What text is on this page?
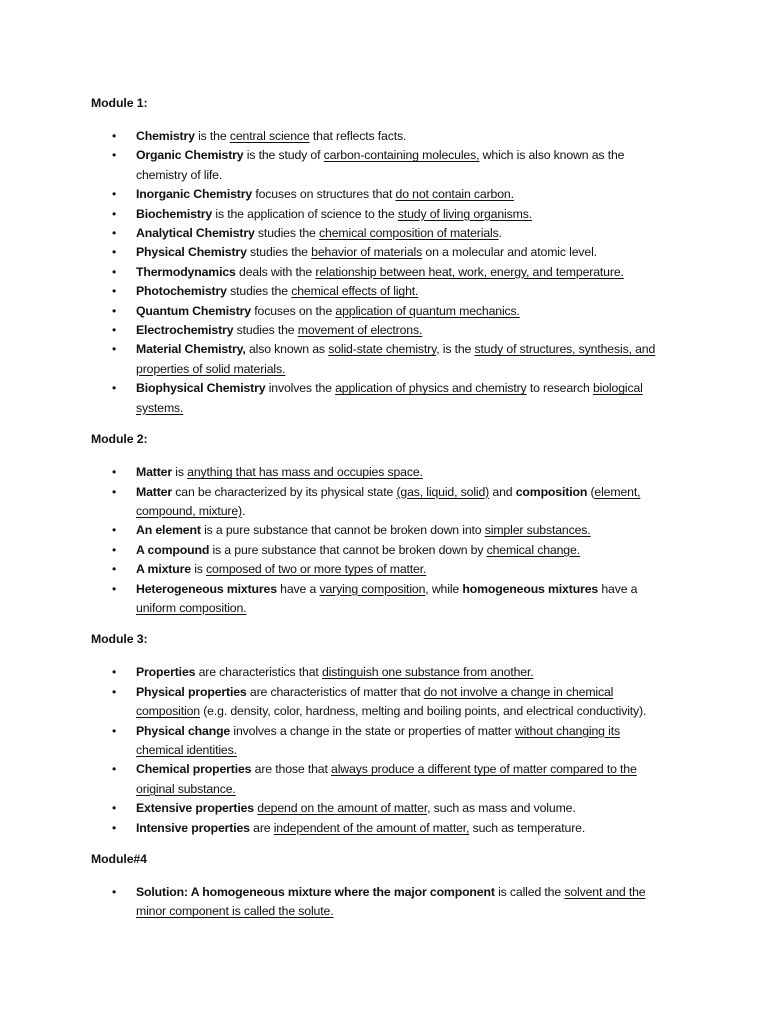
Module 1:
• Chemistry is the central science that reflects facts.
• Organic Chemistry is the study of carbon-containing molecules, which is also known as the chemistry of life.
• Inorganic Chemistry focuses on structures that do not contain carbon.
• Biochemistry is the application of science to the study of living organisms.
• Analytical Chemistry studies the chemical composition of materials.
• Physical Chemistry studies the behavior of materials on a molecular and atomic level.
• Thermodynamics deals with the relationship between heat, work, energy, and temperature.
• Photochemistry studies the chemical effects of light.
• Quantum Chemistry focuses on the application of quantum mechanics.
• Electrochemistry studies the movement of electrons.
• Material Chemistry, also known as solid-state chemistry, is the study of structures, synthesis, and properties of solid materials.
• Biophysical Chemistry involves the application of physics and chemistry to research biological systems.
Module 2:
• Matter is anything that has mass and occupies space.
• Matter can be characterized by its physical state (gas, liquid, solid) and composition (element, compound, mixture).
• An element is a pure substance that cannot be broken down into simpler substances.
• A compound is a pure substance that cannot be broken down by chemical change.
• A mixture is composed of two or more types of matter.
• Heterogeneous mixtures have a varying composition, while homogeneous mixtures have a uniform composition.
Module 3:
• Properties are characteristics that distinguish one substance from another.
• Physical properties are characteristics of matter that do not involve a change in chemical composition (e.g. density, color, hardness, melting and boiling points, and electrical conductivity).
• Physical change involves a change in the state or properties of matter without changing its chemical identities.
• Chemical properties are those that always produce a different type of matter compared to the original substance.
• Extensive properties depend on the amount of matter, such as mass and volume.
• Intensive properties are independent of the amount of matter, such as temperature.
Module#4
• Solution: A homogeneous mixture where the major component is called the solvent and the minor component is called the solute.
